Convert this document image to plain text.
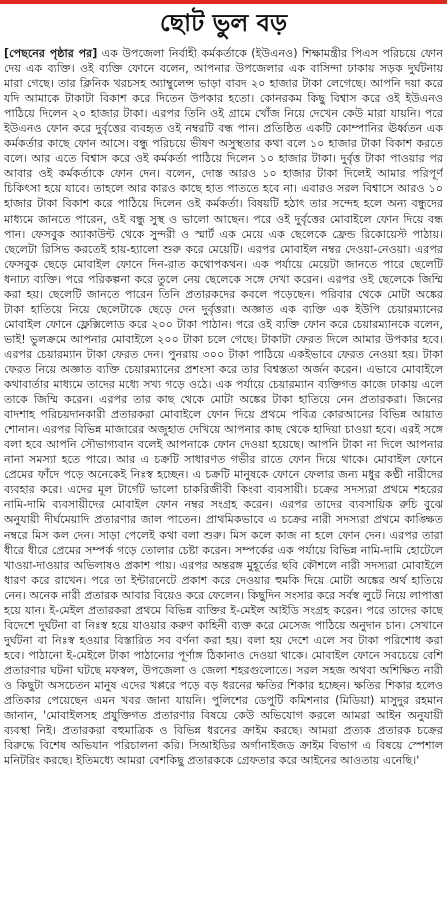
ছোট ভুল বড়

[পেছনের পৃষ্ঠার পর] এক উপজেলা নির্বাহী কর্মকর্তাকে (ইউএনও) শিক্ষামন্ত্রীর পিএস পরিচয়ে ফোন দেয় এক ব্যক্তি। ওই ব্যক্তি ফোনে বলেন, আপনার উপজেলার এক বাসিন্দা ঢাকায় সড়ক দুর্ঘটনায় মারা গেছে। তার ক্লিনিক খরচসহ অ্যাম্বুলেন্স ভাড়া বাবদ ২০ হাজার টাকা লেগেছে। আপনি দয়া করে যদি আমাকে টাকাটা বিকাশ করে দিতেন উপকার হতো। কোনরকম কিছু বিশ্বাস করে ওই ইউএনও পাঠিয়ে দিলেন ২০ হাজার টাকা। এরপর তিনি ওই গ্রামে খোঁজ নিয়ে দেখেন কেউ মারা যায়নি। পরে ইউএনও ফোন করে দুর্বৃত্তের ব্যবহৃত ওই নম্বরটি বন্ধ পান। প্রতিষ্ঠিত একটি কোম্পানির ঊর্ধ্বতন এক কর্মকর্তার কাছে ফোন আসে। বন্ধু পরিচয়ে ভীষণ অসুস্থতার কথা বলে ১০ হাজার টাকা বিকাশ করতে বলে। আর এতে বিশ্বাস করে ওই কর্মকর্তা পাঠিয়ে দিলেন ১০ হাজার টাকা। দুর্বৃত্ত টাকা পাওয়ার পর আবার ওই কর্মকর্তাকে ফোন দেন। বলেন, দোস্ত আরও ১০ হাজার টাকা দিলেই আমার পরিপূর্ণ চিকিৎসা হয়ে যাবে। তাহলে আর কারও কাছে হাত পাততে হবে না। এবারও সরল বিশ্বাসে আরও ১০ হাজার টাকা বিকাশ করে পাঠিয়ে দিলেন ওই কর্মকর্তা। বিষয়টি হঠাৎ তার সন্দেহ হলে অন্য বন্ধুদের মাধ্যমে জানতে পারেন, ওই বন্ধু সুস্থ ও ভালো আছেন। পরে ওই দুর্বৃত্তের মোবাইলে ফোন দিয়ে বন্ধ পান। ফেসবুক অ্যাকাউন্ট থেকে সুন্দরী ও স্মার্ট এক মেয়ে এক ছেলেকে ফ্রেন্ড রিকোয়েস্ট পাঠায়। ছেলেটা রিসিভ করতেই হায়-হ্যালো শুরু করে মেয়েটি। এরপর মোবাইল নম্বর দেওয়া-নেওয়া। এরপর ফেসবুক ছেড়ে মোবাইল ফোনে দিন-রাত কথোপকথন। এক পর্যায়ে মেয়েটা জানতে পারে ছেলেটি ধনাঢ্য ব্যক্তি। পরে পরিকল্পনা করে তুলে নেয় ছেলেকে সঙ্গে দেখা করেন। এরপর ওই ছেলেকে জিম্মি করা হয়। ছেলেটি জানতে পারেন তিনি প্রতারকদের কবলে পড়েছেন। পরিবার থেকে মোটা অঙ্কের টাকা হাতিয়ে নিয়ে ছেলেটাকে ছেড়ে দেন দুর্বৃত্তরা। অজ্ঞাত এক ব্যক্তি এক ইউপি চেয়ারম্যানের মোবাইল ফোনে ফ্লেক্সিলোড করে ২০০ টাকা পাঠান। পরে ওই ব্যক্তি ফোন করে চেয়ারম্যানকে বলেন, ভাই! ভুলক্রমে আপনার মোবাইলে ২০০ টাকা চলে গেছে। টাকাটা ফেরত দিলে আমার উপকার হবে। এরপর চেয়ারম্যান টাকা ফেরত দেন। পুনরায় ৩০০ টাকা পাঠিয়ে একইভাবে ফেরত নেওয়া হয়। টাকা ফেরত নিয়ে অজ্ঞাত ব্যক্তি চেয়ারম্যানের প্রশংসা করে তার বিশ্বস্ততা অর্জন করেন। এভাবে মোবাইলে কথাবার্তার মাধ্যমে তাদের মধ্যে সখ্য গড়ে ওঠে। এক পর্যায়ে চেয়ারম্যান ব্যক্তিগত কাজে ঢাকায় এলে তাকে জিম্মি করেন। এরপর তার কাছ থেকে মোটা অঙ্কের টাকা হাতিয়ে নেন প্রতারকরা। জিনের বাদশাহ পরিচয়দানকারী প্রতারকরা মোবাইলে ফোন দিয়ে প্রথমে পবিত্র কোরআনের বিভিন্ন আয়াত শোনান। এরপর বিভিন্ন মাজারের অজুহাত দেখিয়ে আপনার কাছ থেকে হাদিয়া চাওয়া হবে। এরই সঙ্গে বলা হবে আপনি সৌভাগ্যবান বলেই আপনাকে ফোন দেওয়া হয়েছে। আপনি টাকা না দিলে আপনার নানা সমস্যা হতে পারে। আর এ চক্রটি সাধারণত গভীর রাতে ফোন দিয়ে থাকে। মোবাইল ফোনে প্রেমের ফাঁদে পড়ে অনেকেই নিঃস্ব হচ্ছেন। এ চক্রটি মানুষকে ফোনে ফেলার জন্য মধুর কণ্ঠী নারীদের ব্যবহার করে। এদের মূল টার্গেট ভালো চাকরিজীবী কিংবা ব্যবসায়ী। চক্রের সদস্যরা প্রথমে শহরের নামি-দামি ব্যবসায়ীদের মোবাইল ফোন নম্বর সংগ্রহ করেন। এরপর তাদের ব্যবসায়িক রুচি বুঝে অনুযায়ী দীর্ঘমেয়াদি প্রতারণার জাল পাতেন। প্রাথমিকভাবে এ চক্রের নারী সদস্যরা প্রথমে কাঙ্ক্ষিত নম্বরে মিস কল দেন। সাড়া পেলেই কথা বলা শুরু। মিস কলে কাজ না হলে ফোন দেন। এরপর তারা ধীরে ধীরে প্রেমের সম্পর্ক গড়ে তোলার চেষ্টা করেন। সম্পর্কের এক পর্যায়ে বিভিন্ন নামি-দামি হোটেলে খাওয়া-দাওয়ার অভিলাষও প্রকাশ পায়। এরপর অন্তরঙ্গ মুহূর্তের ছবি কৌশলে নারী সদস্যরা মোবাইলে ধারণ করে রাখেন। পরে তা ইন্টারনেটে প্রকাশ করে দেওয়ার হুমকি দিয়ে মোটা অঙ্কের অর্থ হাতিয়ে নেন। অনেক নারী প্রতারক আবার বিয়েও করে ফেলেন। কিছুদিন সংসার করে সর্বস্ব লুটে নিয়ে লাপাত্তা হয়ে যান। ই-মেইল প্রতারকরা প্রথমে বিভিন্ন ব্যক্তির ই-মেইল আইডি সংগ্রহ করেন। পরে তাদের কাছে বিদেশে দুর্ঘটনা বা নিঃস্ব হয়ে যাওয়ার করুণ কাহিনী ব্যক্ত করে মেসেজ পাঠিয়ে অনুদান চান। সেখানে দুর্ঘটনা বা নিঃস্ব হওয়ার বিস্তারিত সব বর্ণনা করা হয়। বলা হয় দেশে এলে সব টাকা পরিশোধ করা হবে। পাঠানো ই-মেইলে টাকা পাঠানোর পূর্ণাঙ্গ ঠিকানাও দেওয়া থাকে। মোবাইল ফোনে সবচেয়ে বেশি প্রতারণার ঘটনা ঘটছে মফস্বল, উপজেলা ও জেলা শহরগুলোতে। সরল সহজ অথবা অশিক্ষিত নারী ও কিছুটা অসচেতন মানুষ এদের খপ্পরে পড়ে বড় ধরনের ক্ষতির শিকার হচ্ছেন। ক্ষতির শিকার হলেও প্রতিকার পেয়েছেন এমন খবর জানা যায়নি। পুলিশের ডেপুটি কমিশনার (মিডিয়া) মাসুদুর রহমান জানান, 'মোবাইলসহ প্রযুক্তিগত প্রতারণার বিষয়ে কেউ অভিযোগ করলে আমরা আইন অনুযায়ী ব্যবস্থা নিই। প্রতারকরা বহুমাত্রিক ও বিভিন্ন ধরনের ক্রাইম করছে। আমরা প্রত্যক প্রতারক চক্রের বিরুদ্ধে বিশেষ অভিযান পরিচালনা করি। সিআইডির অর্গানাইজড ক্রাইম বিভাগ এ বিষয়ে স্পেশাল মনিটরিং করছে। ইতিমধ্যে আমরা বেশকিছু প্রতারককে গ্রেফতার করে আইনের আওতায় এনেছি।'
